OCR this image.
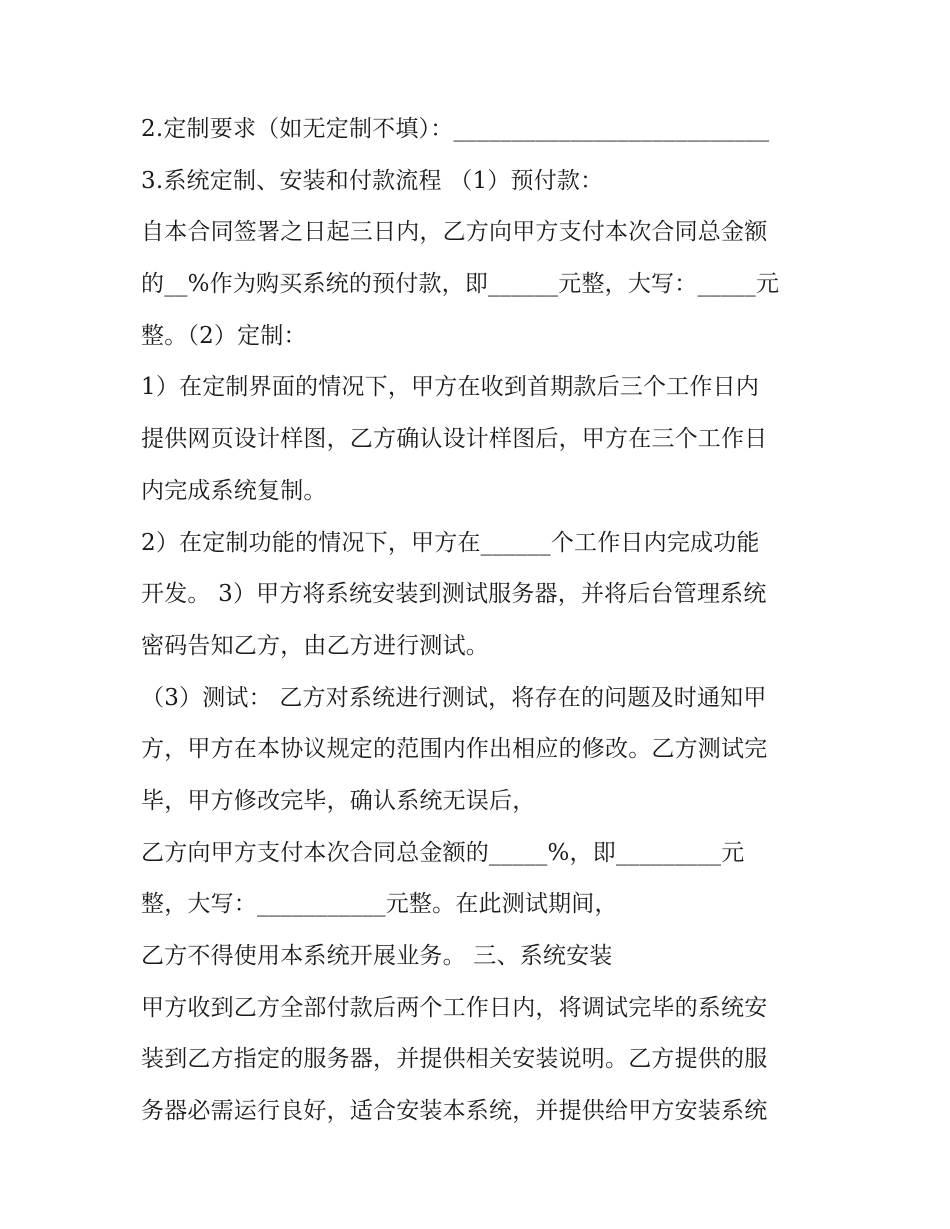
2.定制要求（如无定制不填）：___________________________
3.系统定制、安装和付款流程 （1）预付款：
自本合同签署之日起三日内，乙方向甲方支付本次合同总金额
的__%作为购买系统的预付款，即______元整，大写：_____元
整。（2）定制：
1）在定制界面的情况下，甲方在收到首期款后三个工作日内
提供网页设计样图，乙方确认设计样图后，甲方在三个工作日
内完成系统复制。
2）在定制功能的情况下，甲方在______个工作日内完成功能
开发。 3）甲方将系统安装到测试服务器，并将后台管理系统
密码告知乙方，由乙方进行测试。
（3）测试： 乙方对系统进行测试，将存在的问题及时通知甲
方，甲方在本协议规定的范围内作出相应的修改。乙方测试完
毕，甲方修改完毕，确认系统无误后，
乙方向甲方支付本次合同总金额的_____%，即_________元
整，大写：___________元整。在此测试期间，
乙方不得使用本系统开展业务。 三、系统安装
甲方收到乙方全部付款后两个工作日内，将调试完毕的系统安
装到乙方指定的服务器，并提供相关安装说明。乙方提供的服
务器必需运行良好，适合安装本系统，并提供给甲方安装系统
